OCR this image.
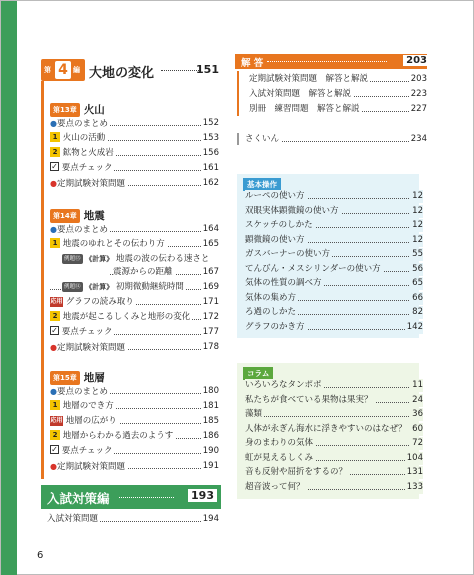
第 4 編 大地の変化	151
第13章 火山
●要点のまとめ	152
1 火山の活動	153
2 鉱物と火成岩	156
✓ 要点チェック	161
●定期試験対策問題	162
第14章 地震
●要点のまとめ	164
1 地震のゆれとその伝わり方	165
例題⑬ 《計算》 地震の波の伝わる速さと
震源からの距離	167
例題⑭ 《計算》 初期微動継続時間 169
応用 グラフの読み取り	171
2 地震が起こるしくみと地形の変化 172
✓ 要点チェック	177
●定期試験対策問題	178
第15章 地層
●要点のまとめ	180
1 地層のでき方	181
応用 地層の広がり	185
2 地層からわかる過去のようす	186
✓ 要点チェック	190
●定期試験対策問題	191
入試対策編	193
入試対策問題	194
6
解 答	203
定期試験対策問題　解答と解説	203
入試対策問題　解答と解説	223
別冊　練習問題　解答と解説	227
さくいん	234
基本操作
ルーペの使い方	12
双眼実体顕微鏡の使い方	12
スケッチのしかた	12
顕微鏡の使い方	12
ガスバーナーの使い方	55
てんびん・メスシリンダーの使い方	56
気体の性質の調べ方	65
気体の集め方	66
ろ過のしかた	82
グラフのかき方	142
コラム
いろいろなタンポポ	11
私たちが食べている果物は果実？	24
藻類	36
人体が永ぎん海水に浮きやすいのはなぜ？ 60
身のまわりの気体	72
虹が見えるしくみ	104
音も反射や屈折をするの？	131
超音波って何？	133
